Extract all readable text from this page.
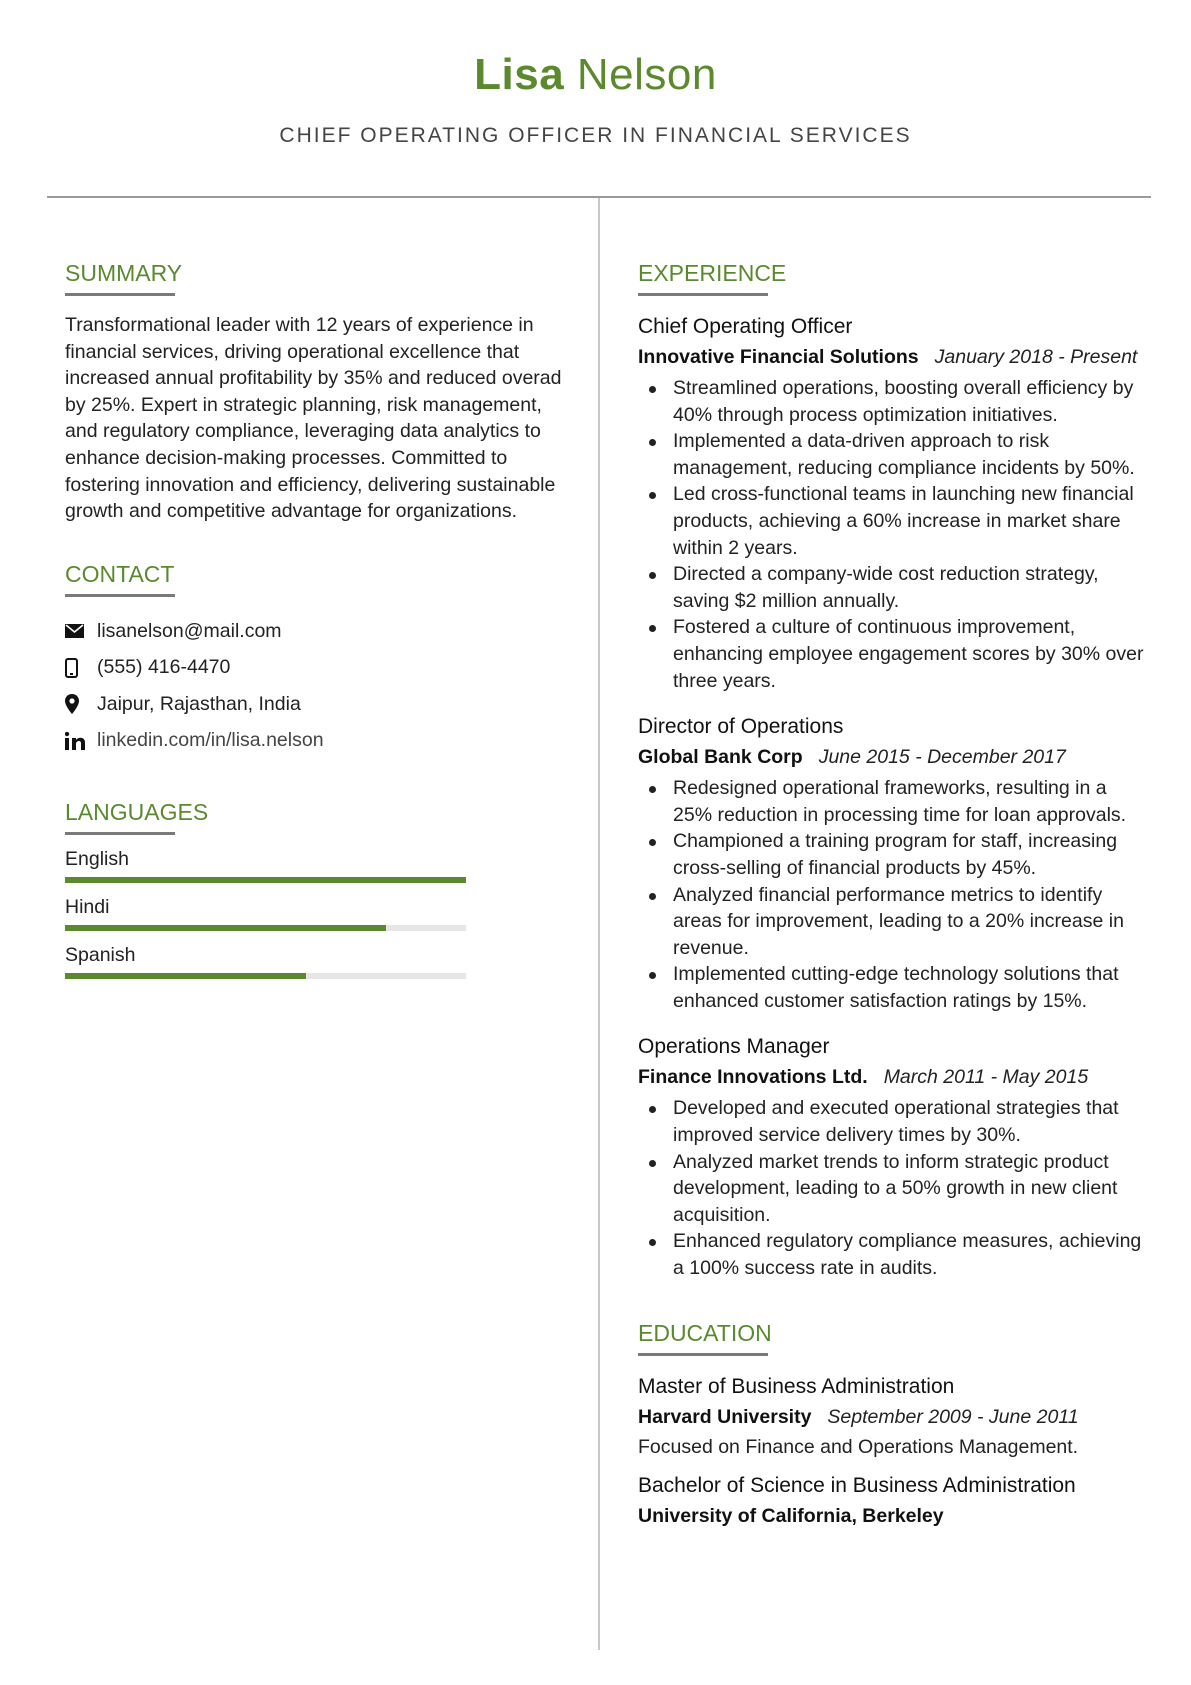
Lisa Nelson
CHIEF OPERATING OFFICER IN FINANCIAL SERVICES
SUMMARY

Transformational leader with 12 years of experience in financial services, driving operational excellence that increased annual profitability by 35% and reduced overad by 25%. Expert in strategic planning, risk management, and regulatory compliance, leveraging data analytics to enhance decision-making processes. Committed to fostering innovation and efficiency, delivering sustainable growth and competitive advantage for organizations.

CONTACT
lisanelson@mail.com
(555) 416-4470
Jaipur, Rajasthan, India
linkedin.com/in/lisa.nelson
LANGUAGES
English
Hindi
Spanish
EXPERIENCE
Chief Operating Officer
Innovative Financial Solutions January 2018 - Present
Streamlined operations, boosting overall efficiency by 40% through process optimization initiatives.
Implemented a data-driven approach to risk management, reducing compliance incidents by 50%.
Led cross-functional teams in launching new financial products, achieving a 60% increase in market share within 2 years.
Directed a company-wide cost reduction strategy, saving $2 million annually.
Fostered a culture of continuous improvement, enhancing employee engagement scores by 30% over three years.
Director of Operations
Global Bank Corp June 2015 - December 2017
Redesigned operational frameworks, resulting in a 25% reduction in processing time for loan approvals.
Championed a training program for staff, increasing cross-selling of financial products by 45%.
Analyzed financial performance metrics to identify areas for improvement, leading to a 20% increase in revenue.
Implemented cutting-edge technology solutions that enhanced customer satisfaction ratings by 15%.
Operations Manager
Finance Innovations Ltd. March 2011 - May 2015
Developed and executed operational strategies that improved service delivery times by 30%.
Analyzed market trends to inform strategic product development, leading to a 50% growth in new client acquisition.
Enhanced regulatory compliance measures, achieving a 100% success rate in audits.
EDUCATION
Master of Business Administration
Harvard University September 2009 - June 2011
Focused on Finance and Operations Management.
Bachelor of Science in Business Administration
University of California, Berkeley
